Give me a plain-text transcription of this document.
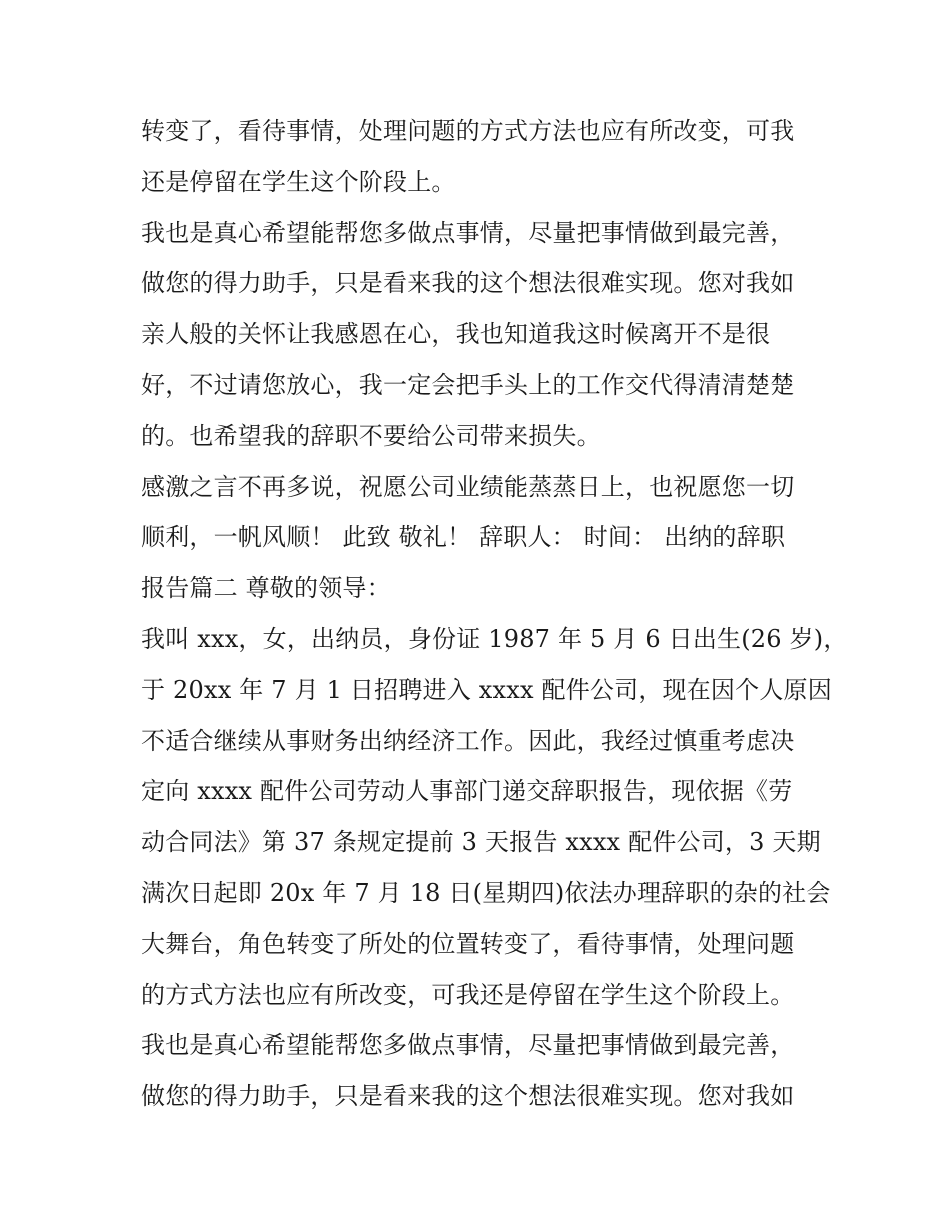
转变了，看待事情，处理问题的方式方法也应有所改变，可我
还是停留在学生这个阶段上。
我也是真心希望能帮您多做点事情，尽量把事情做到最完善，
做您的得力助手，只是看来我的这个想法很难实现。您对我如
亲人般的关怀让我感恩在心，我也知道我这时候离开不是很
好，不过请您放心，我一定会把手头上的工作交代得清清楚楚
的。也希望我的辞职不要给公司带来损失。
感激之言不再多说，祝愿公司业绩能蒸蒸日上，也祝愿您一切
顺利，一帆风顺！ 此致 敬礼！ 辞职人： 时间： 出纳的辞职
报告篇二 尊敬的领导：
我叫 xxx，女，出纳员，身份证 1987 年 5 月 6 日出生(26 岁)，
于 20xx 年 7 月 1 日招聘进入 xxxx 配件公司，现在因个人原因
不适合继续从事财务出纳经济工作。因此，我经过慎重考虑决
定向 xxxx 配件公司劳动人事部门递交辞职报告，现依据《劳
动合同法》第 37 条规定提前 3 天报告 xxxx 配件公司，3 天期
满次日起即 20x 年 7 月 18 日(星期四)依法办理辞职的杂的社会
大舞台，角色转变了所处的位置转变了，看待事情，处理问题
的方式方法也应有所改变，可我还是停留在学生这个阶段上。
我也是真心希望能帮您多做点事情，尽量把事情做到最完善，
做您的得力助手，只是看来我的这个想法很难实现。您对我如
